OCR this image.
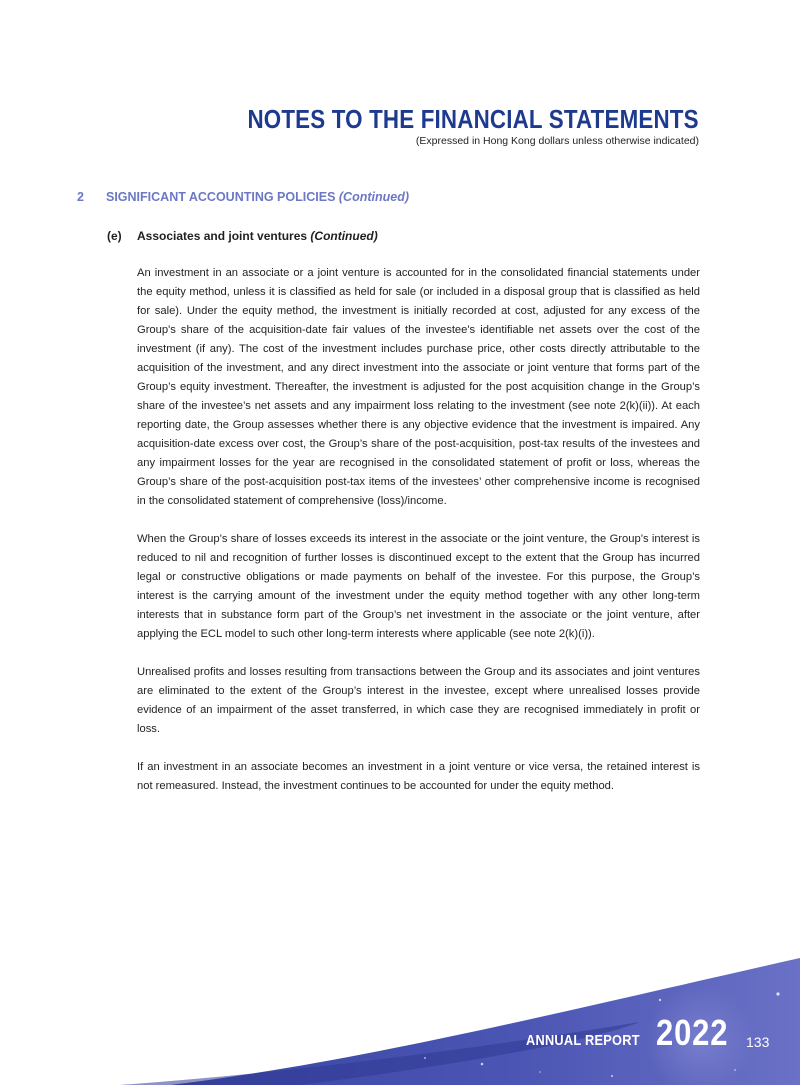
NOTES TO THE FINANCIAL STATEMENTS
(Expressed in Hong Kong dollars unless otherwise indicated)
2 SIGNIFICANT ACCOUNTING POLICIES (Continued)
(e) Associates and joint ventures (Continued)

An investment in an associate or a joint venture is accounted for in the consolidated financial statements under the equity method, unless it is classified as held for sale (or included in a disposal group that is classified as held for sale). Under the equity method, the investment is initially recorded at cost, adjusted for any excess of the Group's share of the acquisition-date fair values of the investee's identifiable net assets over the cost of the investment (if any). The cost of the investment includes purchase price, other costs directly attributable to the acquisition of the investment, and any direct investment into the associate or joint venture that forms part of the Group’s equity investment. Thereafter, the investment is adjusted for the post acquisition change in the Group’s share of the investee’s net assets and any impairment loss relating to the investment (see note 2(k)(ii)). At each reporting date, the Group assesses whether there is any objective evidence that the investment is impaired. Any acquisition-date excess over cost, the Group’s share of the post-acquisition, post-tax results of the investees and any impairment losses for the year are recognised in the consolidated statement of profit or loss, whereas the Group’s share of the post-acquisition post-tax items of the investees’ other comprehensive income is recognised in the consolidated statement of comprehensive (loss)/income.

When the Group’s share of losses exceeds its interest in the associate or the joint venture, the Group’s interest is reduced to nil and recognition of further losses is discontinued except to the extent that the Group has incurred legal or constructive obligations or made payments on behalf of the investee. For this purpose, the Group’s interest is the carrying amount of the investment under the equity method together with any other long-term interests that in substance form part of the Group’s net investment in the associate or the joint venture, after applying the ECL model to such other long-term interests where applicable (see note 2(k)(i)).

Unrealised profits and losses resulting from transactions between the Group and its associates and joint ventures are eliminated to the extent of the Group’s interest in the investee, except where unrealised losses provide evidence of an impairment of the asset transferred, in which case they are recognised immediately in profit or loss.

If an investment in an associate becomes an investment in a joint venture or vice versa, the retained interest is not remeasured. Instead, the investment continues to be accounted for under the equity method.

ANNUAL REPORT 2022 133
